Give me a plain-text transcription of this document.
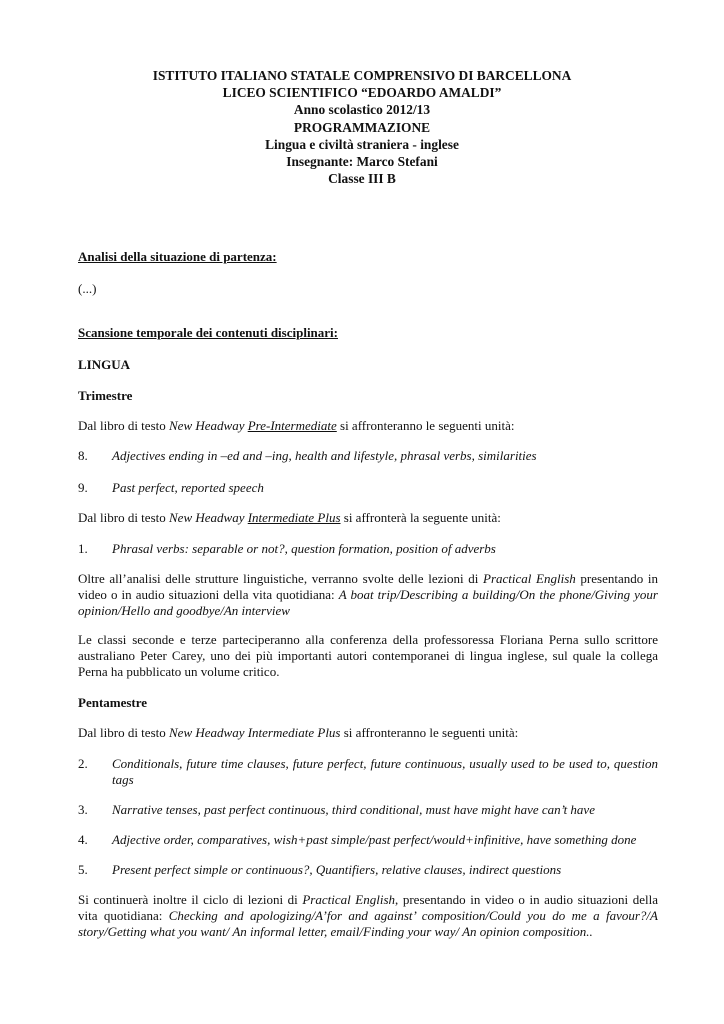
ISTITUTO ITALIANO STATALE COMPRENSIVO DI BARCELLONA
LICEO SCIENTIFICO “EDOARDO AMALDI”
Anno scolastico 2012/13
PROGRAMMAZIONE
Lingua e civiltà straniera - inglese
Insegnante: Marco Stefani
Classe III B
Analisi della situazione di partenza:
(...)
Scansione temporale dei contenuti disciplinari:
LINGUA
Trimestre
Dal libro di testo New Headway Pre-Intermediate si affronteranno le seguenti unità:
8. Adjectives ending in –ed and –ing, health and lifestyle, phrasal verbs, similarities
9. Past perfect, reported speech
Dal libro di testo New Headway Intermediate Plus si affronterà la seguente unità:
1. Phrasal verbs: separable or not?, question formation, position of adverbs
Oltre all’analisi delle strutture linguistiche, verranno svolte delle lezioni di Practical English presentando in video o in audio situazioni della vita quotidiana: A boat trip/Describing a building/On the phone/Giving your opinion/Hello and goodbye/An interview
Le classi seconde e terze parteciperanno alla conferenza della professoressa Floriana Perna sullo scrittore australiano Peter Carey, uno dei più importanti autori contemporanei di lingua inglese, sul quale la collega Perna ha pubblicato un volume critico.
Pentamestre
Dal libro di testo New Headway Intermediate Plus si affronteranno le seguenti unità:
2. Conditionals, future time clauses, future perfect, future continuous, usually used to be used to, question tags
3. Narrative tenses, past perfect continuous, third conditional, must have might have can’t have
4. Adjective order, comparatives, wish+past simple/past perfect/would+infinitive, have something done
5. Present perfect simple or continuous?, Quantifiers, relative clauses, indirect questions
Si continuerà inoltre il ciclo di lezioni di Practical English, presentando in video o in audio situazioni della vita quotidiana: Checking and apologizing/A’for and against’ composition/Could you do me a favour?/A story/Getting what you want/ An informal letter, email/Finding your way/ An opinion composition..
